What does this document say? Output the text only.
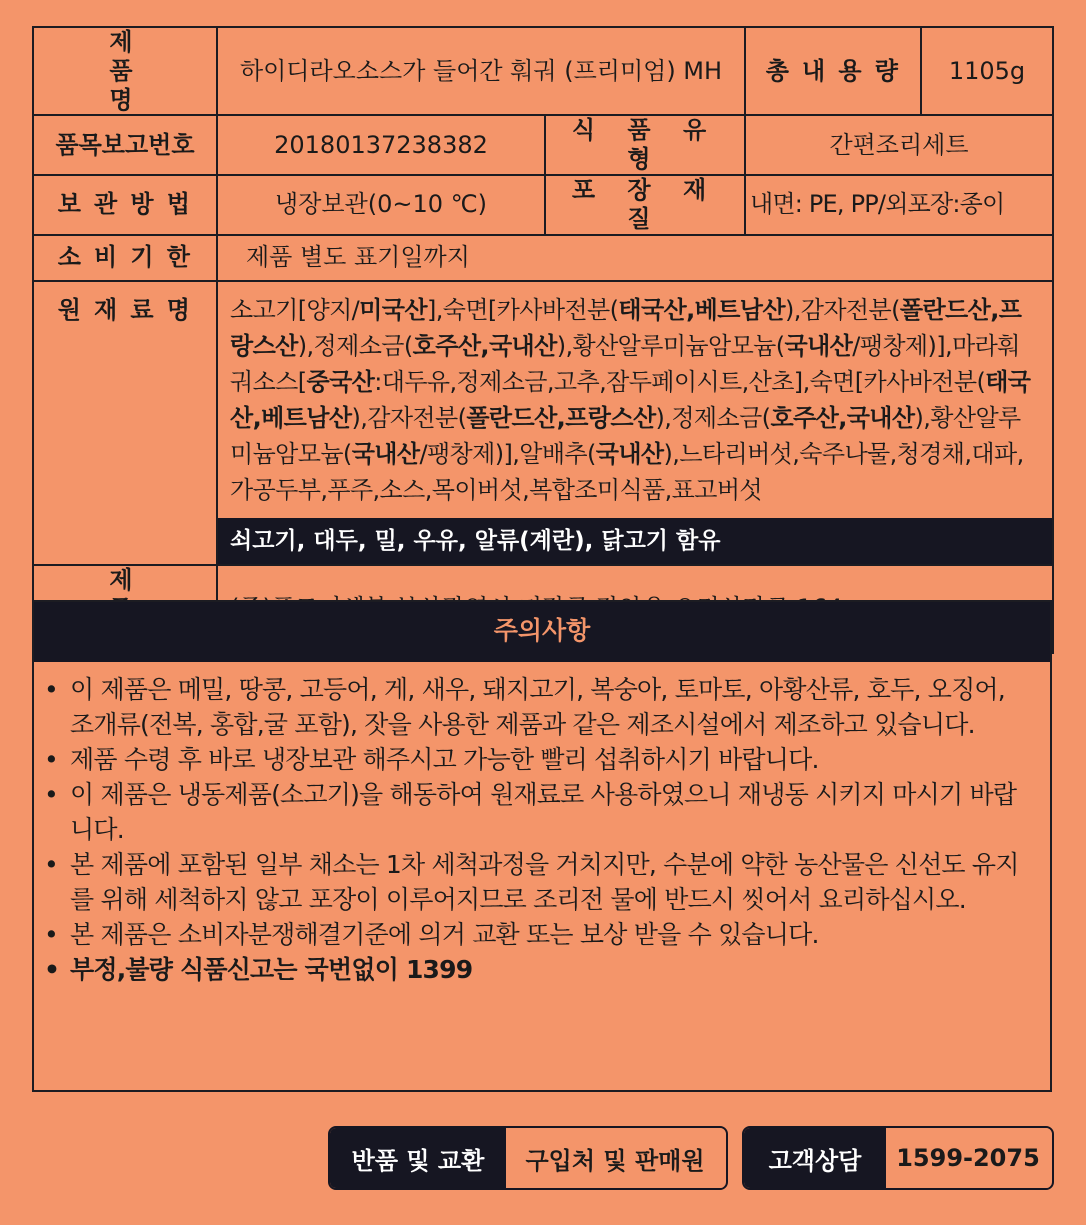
제 품 명	하이디라오소스가 들어간 훠궈 (프리미엄) MH		총 내 용 량	1105g
품목보고번호	20180137238382	식 품 유 형	간편조리세트	
보 관 방 법	냉장보관(0~10 ℃)	포 장 재 질	내면: PE, PP/외포장:종이	
소 비 기 한	제품 별도 표기일까지			
원 재 료 명	소고기[양지/미국산],숙면[카사바전분(태국산,베트남산),감자전분(폴란드산,프랑스산),정제소금(호주산,국내산),황산알루미늄암모늄(국내산/팽창제)],마라훠궈소스[중국산:대두유,정제소금,고추,잠두페이시트,산초],숙면[카사바전분(태국산,베트남산),감자전분(폴란드산,프랑스산),정제소금(호주산,국내산),황산알루미늄암모늄(국내산/팽창제)],알배추(국내산),느타리버섯,숙주나물,청경채,대파,가공두부,푸주,소스,목이버섯,복합조미식품,표고버섯
쇠고기, 대두, 밀, 우유, 알류(계란), 닭고기 함유			

제	
주의사항
• 이 제품은 메밀, 땅콩, 고등어, 게, 새우, 돼지고기, 복숭아, 토마토, 아황산류, 호두, 오징어, 조개류(전복, 홍합,굴 포함), 잣을 사용한 제품과 같은 제조시설에서 제조하고 있습니다.
• 제품 수령 후 바로 냉장보관 해주시고 가능한 빨리 섭취하시기 바랍니다.
• 이 제품은 냉동제품(소고기)을 해동하여 원재료로 사용하였으니 재냉동 시키지 마시기 바랍니다.
• 본 제품에 포함된 일부 채소는 1차 세척과정을 거치지만, 수분에 약한 농산물은 신선도 유지를 위해 세척하지 않고 포장이 이루어지므로 조리전 물에 반드시 씻어서 요리하십시오.
• 본 제품은 소비자분쟁해결기준에 의거 교환 또는 보상 받을 수 있습니다.
• 부정,불량 식품신고는 국번없이 1399
반품 및 교환	구입처 및 판매원	고객상담	1599-2075
